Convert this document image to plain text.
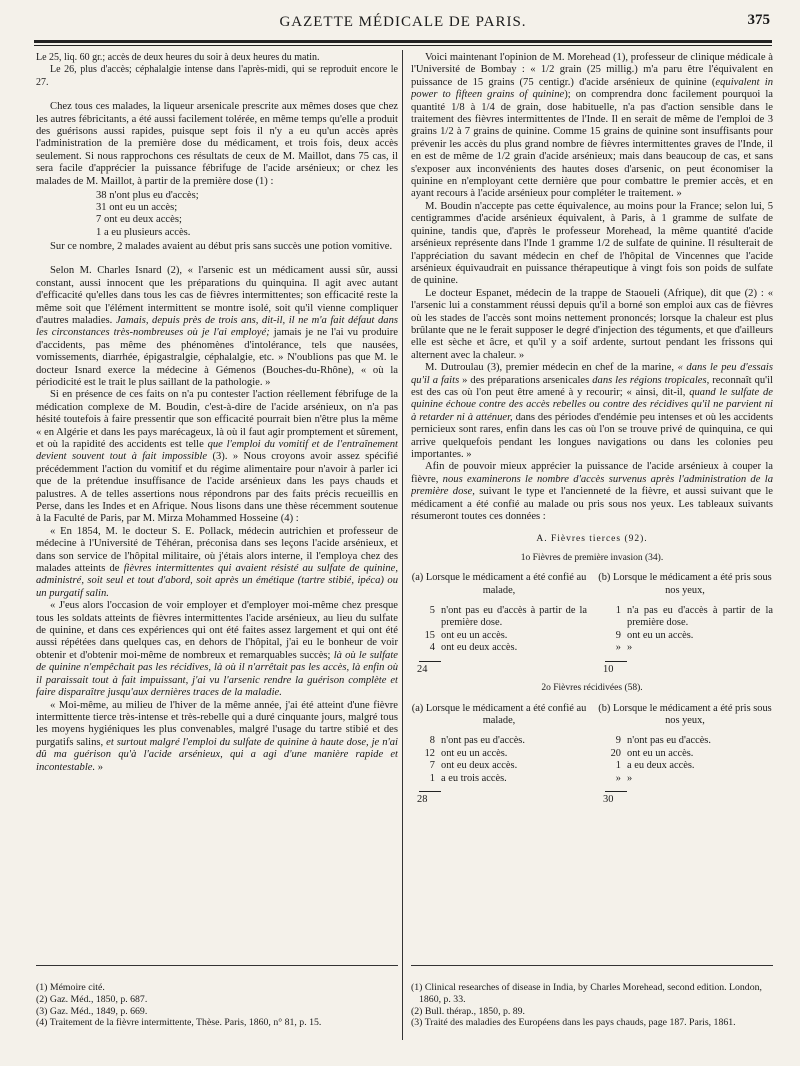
GAZETTE MÉDICALE DE PARIS.	375

Le 25, liq. 60 gr.; accès de deux heures du soir à deux heures du matin.

Le 26, plus d'accès; céphalalgie intense dans l'après-midi, qui se reproduit encore le 27.

Chez tous ces malades, la liqueur arsenicale prescrite aux mêmes doses que chez les autres fébricitants, a été aussi facilement tolérée, en même temps qu'elle a produit des guérisons aussi rapides, puisque sept fois il n'y a eu qu'un accès après l'administration de la première dose du médicament, et trois fois, deux accès seulement. Si nous rapprochons ces résultats de ceux de M. Maillot, dans 75 cas, il sera facile d'apprécier la puissance fébrifuge de l'acide arsénieux; or chez les malades de M. Maillot, à partir de la première dose (1) :

38 n'ont plus eu d'accès;
31 ont eu un accès;
7 ont eu deux accès;
1 a eu plusieurs accès.

Sur ce nombre, 2 malades avaient au début pris sans succès une potion vomitive.

Selon M. Charles Isnard (2), « l'arsenic est un médicament aussi sûr, aussi constant, aussi innocent que les préparations du quinquina. Il agit avec autant d'efficacité qu'elles dans tous les cas de fièvres intermittentes; son efficacité reste la même soit que l'élément intermittent se montre isolé, soit qu'il vienne compliquer d'autres maladies. Jamais, depuis près de trois ans, dit-il, il ne m'a fait défaut dans les circonstances très-nombreuses où je l'ai employé; jamais je ne l'ai vu produire d'accidents, pas même des phénomènes d'intolérance, tels que nausées, vomissements, diarrhée, épigastralgie, céphalalgie, etc. » N'oublions pas que M. le docteur Isnard exerce la médecine à Gémenos (Bouches-du-Rhône), « où la périodicité est le trait le plus saillant de la pathologie. »

Si en présence de ces faits on n'a pu contester l'action réellement fébrifuge de la médication complexe de M. Boudin, c'est-à-dire de l'acide arsénieux, on n'a pas hésité toutefois à faire pressentir que son efficacité pourrait bien n'être plus la même « en Algérie et dans les pays marécageux, là où il faut agir promptement et sûrement, et où la rapidité des accidents est telle que l'emploi du vomitif et de l'entraînement devient souvent tout à fait impossible (3). » Nous croyons avoir assez spécifié précédemment l'action du vomitif et du régime alimentaire pour n'avoir à parler ici que de la prétendue insuffisance de l'acide arsénieux dans les pays chauds et palustres. A de telles assertions nous répondrons par des faits précis recueillis en Perse, dans les Indes et en Afrique. Nous lisons dans une thèse récemment soutenue à la Faculté de Paris, par M. Mirza Mohammed Hosseine (4) :

« En 1854, M. le docteur S. E. Pollack, médecin autrichien et professeur de médecine à l'Université de Téhéran, préconisa dans ses leçons l'acide arsénieux, et dans son service de l'hôpital militaire, où j'étais alors interne, il l'employa chez des malades atteints de fièvres intermittentes qui avaient résisté au sulfate de quinine, administré, soit seul et tout d'abord, soit après un émétique (tartre stibié, ipéca) ou un purgatif salin.

« J'eus alors l'occasion de voir employer et d'employer moi-même chez presque tous les soldats atteints de fièvres intermittentes l'acide arsénieux, au lieu du sulfate de quinine, et dans ces expériences qui ont été faites assez largement et qui ont été aussi répétées dans quelques cas, en dehors de l'hôpital, j'ai eu le bonheur de voir obtenir et d'obtenir moi-même de nombreux et remarquables succès; là où le sulfate de quinine n'empêchait pas les récidives, là où il n'arrêtait pas les accès, là enfin où il paraissait tout à fait impuissant, j'ai vu l'arsenic rendre la guérison complète et faire disparaître jusqu'aux dernières traces de la maladie.

« Moi-même, au milieu de l'hiver de la même année, j'ai été atteint d'une fièvre intermittente tierce très-intense et très-rebelle qui a duré cinquante jours, malgré tous les moyens hygiéniques les plus convenables, malgré l'usage du tartre stibié et des purgatifs salins, et surtout malgré l'emploi du sulfate de quinine à haute dose, je n'ai dû ma guérison qu'à l'acide arsénieux, qui a agi d'une manière rapide et incontestable. »

Voici maintenant l'opinion de M. Morehead (1), professeur de clinique médicale à l'Université de Bombay : « 1/2 grain (25 millig.) m'a paru être l'équivalent en puissance de 15 grains (75 centigr.) d'acide arsénieux de quinine (equivalent in power to fifteen grains of quinine); on comprendra donc facilement pourquoi la quantité 1/8 à 1/4 de grain, dose habituelle, n'a pas d'action sensible dans le traitement des fièvres intermittentes de l'Inde. Il en serait de même de l'emploi de 3 grains 1/2 à 7 grains de quinine. Comme 15 grains de quinine sont insuffisants pour prévenir les accès du plus grand nombre de fièvres intermittentes graves de l'Inde, il en est de même de 1/2 grain d'acide arsénieux; mais dans beaucoup de cas, et sans s'exposer aux inconvénients des hautes doses d'arsenic, on peut économiser la quinine en n'employant cette dernière que pour combattre le premier accès, et en ayant recours à l'acide arsénieux pour compléter le traitement. »

M. Boudin n'accepte pas cette équivalence, au moins pour la France; selon lui, 5 centigrammes d'acide arsénieux équivalent, à Paris, à 1 gramme de sulfate de quinine, tandis que, d'après le professeur Morehead, la même quantité d'acide arsénieux représente dans l'Inde 1 gramme 1/2 de sulfate de quinine. Il résulterait de l'appréciation du savant médecin en chef de l'hôpital de Vincennes que l'acide arsénieux équivaudrait en puissance thérapeutique à vingt fois son poids de sulfate de quinine.

Le docteur Espanet, médecin de la trappe de Staoueli (Afrique), dit que (2) : « l'arsenic lui a constamment réussi depuis qu'il a borné son emploi aux cas de fièvres où les stades de l'accès sont moins nettement prononcés; lorsque la chaleur est plus brûlante que ne le ferait supposer le degré d'injection des téguments, et que d'ailleurs elle est sèche et âcre, et qu'il y a soif ardente, surtout pendant les frissons qui alternent avec la chaleur. »

M. Dutroulau (3), premier médecin en chef de la marine, « dans le peu d'essais qu'il a faits » des préparations arsenicales dans les régions tropicales, reconnaît qu'il est des cas où l'on peut être amené à y recourir; « ainsi, dit-il, quand le sulfate de quinine échoue contre des accès rebelles ou contre des récidives qu'il ne parvient ni à retarder ni à atténuer, dans des périodes d'endémie peu intenses et où les accidents pernicieux sont rares, enfin dans les cas où l'on se trouve privé de quinquina, ce qui arrive quelquefois pendant les longues navigations ou dans les colonies peu importantes. »

Afin de pouvoir mieux apprécier la puissance de l'acide arsénieux à couper la fièvre, nous examinerons le nombre d'accès survenus après l'administration de la première dose, suivant le type et l'ancienneté de la fièvre, et aussi suivant que le médicament a été confié au malade ou pris sous nos yeux. Les tableaux suivants résumeront toutes ces données :

A. Fièvres tierces (92).
1o Fièvres de première invasion (34).
(a) Lorsque le médicament a été confié au malade,
5 n'ont pas eu d'accès à partir de la première dose.
15 ont eu un accès.
4 ont eu deux accès.
24
(b) Lorsque le médicament a été pris sous nos yeux,
1 n'a pas eu d'accès à partir de la première dose.
9 ont eu un accès.
» »
10
2o Fièvres récidivées (58).
(a) Lorsque le médicament a été confié au malade,
8 n'ont pas eu d'accès.
12 ont eu un accès.
7 ont eu deux accès.
1 a eu trois accès.
28
(b) Lorsque le médicament a été pris sous nos yeux,
9 n'ont pas eu d'accès.
20 ont eu un accès.
1 a eu deux accès.
» »
30
(1) Mémoire cité.
(2) Gaz. Méd., 1850, p. 687.
(3) Gaz. Méd., 1849, p. 669.
(4) Traitement de la fièvre intermittente, Thèse. Paris, 1860, n° 81, p. 15.
(1) Clinical researches of disease in India, by Charles Morehead, second edition. London, 1860, p. 33.
(2) Bull. thérap., 1850, p. 89.
(3) Traité des maladies des Européens dans les pays chauds, page 187. Paris, 1861.
